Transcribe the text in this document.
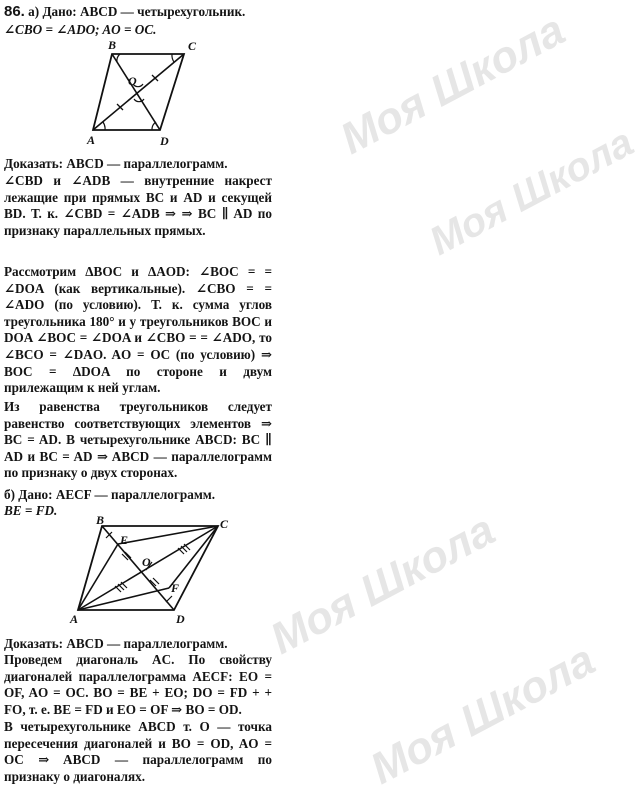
Моя Школа
Моя Школа
Моя Школа
Моя Школа
86. а) Дано: ABCD — четырехугольник.
∠CBO = ∠ADO; AO = OC.
B	C
A	D
O
Доказать: ABCD — параллелограмм.
∠CBD и ∠ADB — внутренние накрест лежащие при прямых BC и AD и секущей BD. Т. к. ∠CBD = ∠ADB ⇒ ⇒ BC ∥ AD по признаку параллельных прямых.
Рассмотрим ΔBOC и ΔAOD: ∠BOC = = ∠DOA (как вертикальные). ∠CBO = = ∠ADO (по условию). Т. к. сумма углов треугольника 180° и у треугольников BOC и DOA ∠BOC = ∠DOA и ∠CBO = = ∠ADO, то ∠BCO = ∠DAO. AO = OC (по условию) ⇒ BOC = ΔDOA по стороне и двум прилежащим к ней углам.
Из равенства треугольников следует равенство соответствующих элементов ⇒ BC = AD. В четырехугольнике ABCD: BC ∥ AD и BC = AD ⇒ ABCD — параллелограмм по признаку о двух сторонах.
б) Дано: AECF — параллелограмм.
BE = FD.
B	C
A	D
E
F
O
Доказать: ABCD — параллелограмм.
Проведем диагональ AC. По свойству диагоналей параллелограмма AECF: EO = OF, AO = OC. BO = BE + EO; DO = FD + + FO, т. е. BE = FD и EO = OF ⇒ BO = OD.
В четырехугольнике ABCD т. O — точка пересечения диагоналей и BO = OD, AO = OC ⇒ ABCD — параллелограмм по признаку о диагоналях.
